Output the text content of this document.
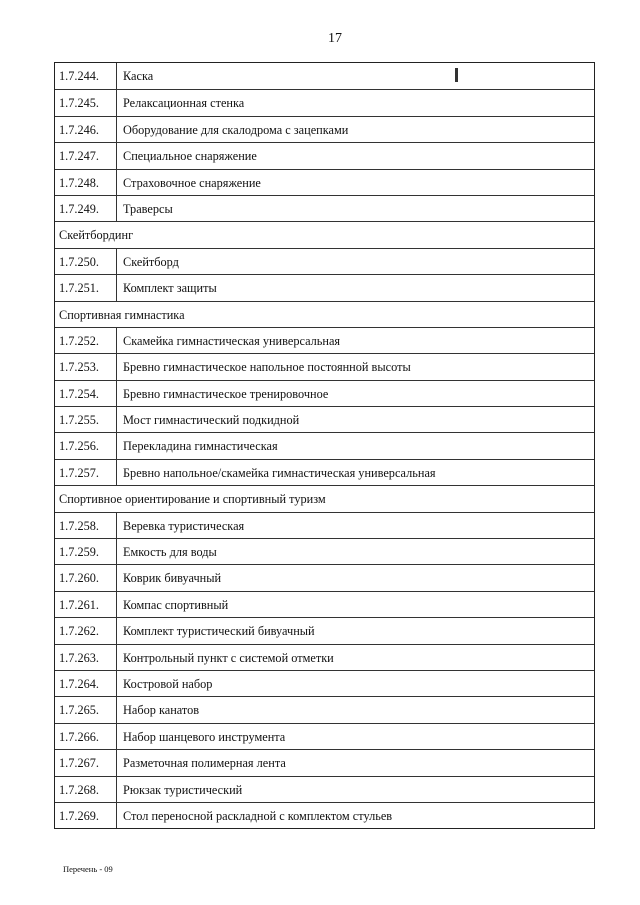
17
1.7.244.	Каска
1.7.245.	Релаксационная стенка
1.7.246.	Оборудование для скалодрома с зацепками
1.7.247.	Специальное снаряжение
1.7.248.	Страховочное снаряжение
1.7.249.	Траверсы
Скейтбординг
1.7.250.	Скейтборд
1.7.251.	Комплект защиты
Спортивная гимнастика
1.7.252.	Скамейка гимнастическая универсальная
1.7.253.	Бревно гимнастическое напольное постоянной высоты
1.7.254.	Бревно гимнастическое тренировочное
1.7.255.	Мост гимнастический подкидной
1.7.256.	Перекладина гимнастическая
1.7.257.	Бревно напольное/скамейка гимнастическая универсальная
Спортивное ориентирование и спортивный туризм
1.7.258.	Веревка туристическая
1.7.259.	Емкость для воды
1.7.260.	Коврик бивуачный
1.7.261.	Компас спортивный
1.7.262.	Комплект туристический бивуачный
1.7.263.	Контрольный пункт с системой отметки
1.7.264.	Костровой набор
1.7.265.	Набор канатов
1.7.266.	Набор шанцевого инструмента
1.7.267.	Разметочная полимерная лента
1.7.268.	Рюкзак туристический
1.7.269.	Стол переносной раскладной с комплектом стульев
Перечень - 09
